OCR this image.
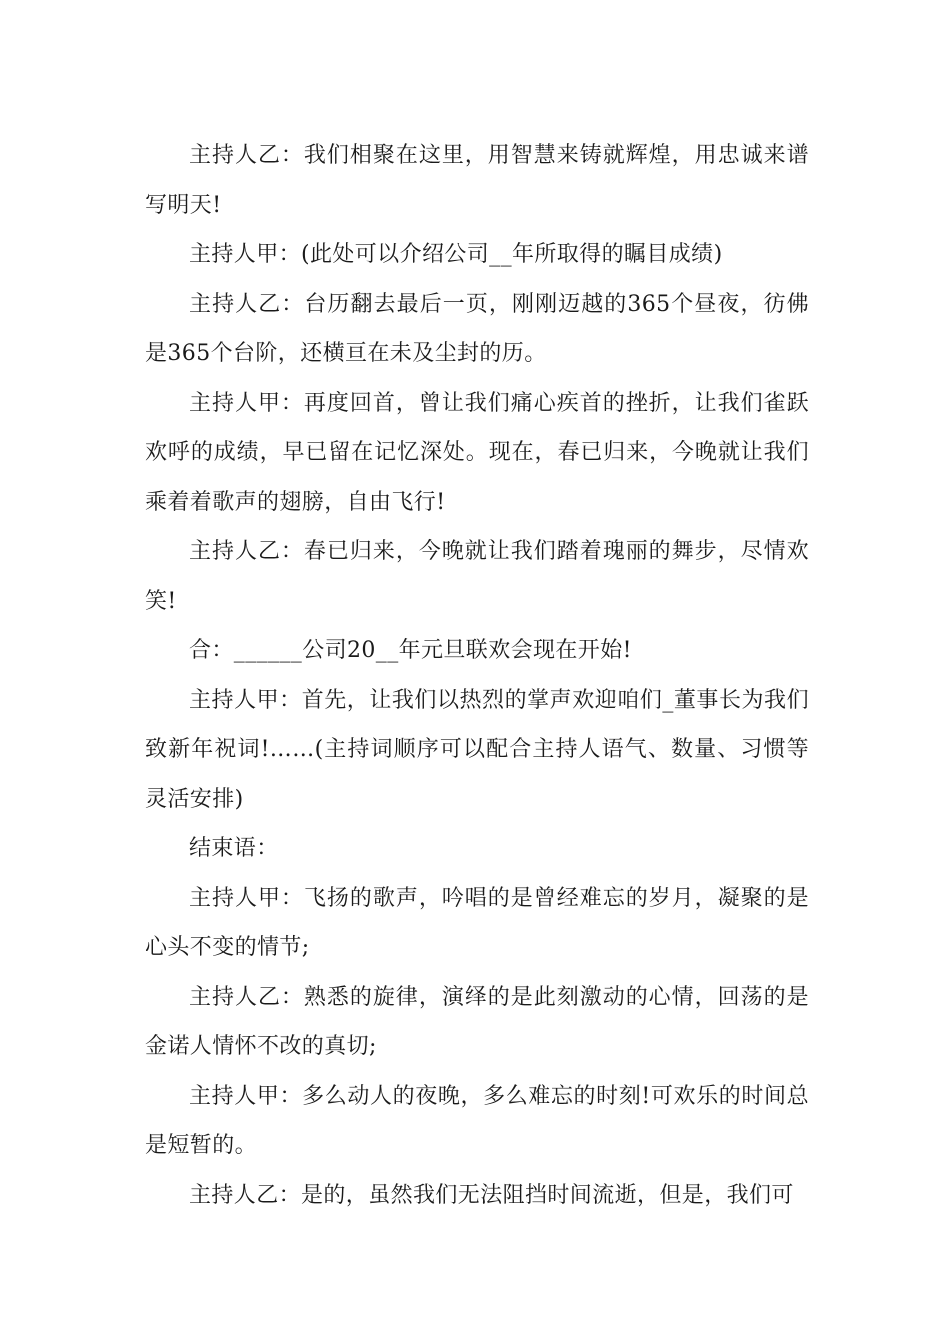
主持人乙：我们相聚在这里，用智慧来铸就辉煌，用忠诚来谱写明天!

主持人甲：(此处可以介绍公司__年所取得的瞩目成绩)

主持人乙：台历翻去最后一页，刚刚迈越的365个昼夜，彷佛是365个台阶，还横亘在未及尘封的历。

主持人甲：再度回首，曾让我们痛心疾首的挫折，让我们雀跃欢呼的成绩，早已留在记忆深处。现在，春已归来，今晚就让我们乘着着歌声的翅膀，自由飞行!

主持人乙：春已归来，今晚就让我们踏着瑰丽的舞步，尽情欢笑!

合：______公司20__年元旦联欢会现在开始!

主持人甲：首先，让我们以热烈的掌声欢迎咱们_董事长为我们致新年祝词!……(主持词顺序可以配合主持人语气、数量、习惯等灵活安排)

结束语：

主持人甲：飞扬的歌声，吟唱的是曾经难忘的岁月，凝聚的是心头不变的情节;

主持人乙：熟悉的旋律，演绎的是此刻激动的心情，回荡的是金诺人情怀不改的真切;

主持人甲：多么动人的夜晚，多么难忘的时刻!可欢乐的时间总是短暂的。

主持人乙：是的，虽然我们无法阻挡时间流逝，但是，我们可
